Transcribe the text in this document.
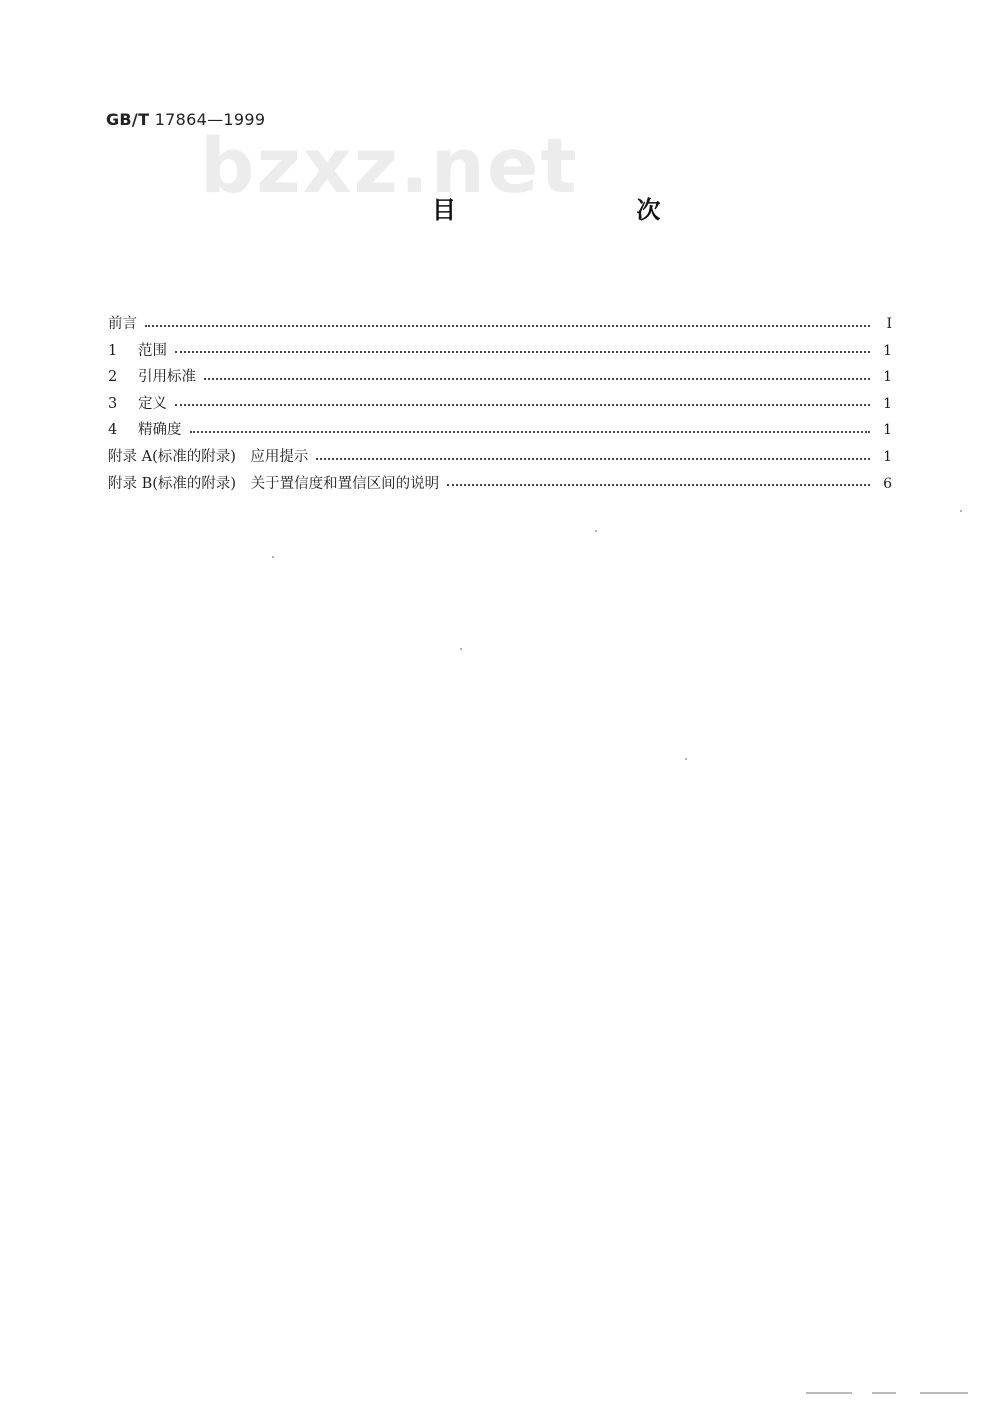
GB/T 17864—1999
bzxz.net
目 次
前言	I
1	范围	1
2	引用标准	1
3	定义	1
4	精确度	1
附录 A(标准的附录)　应用提示	1
附录 B(标准的附录)　关于置信度和置信区间的说明	6
